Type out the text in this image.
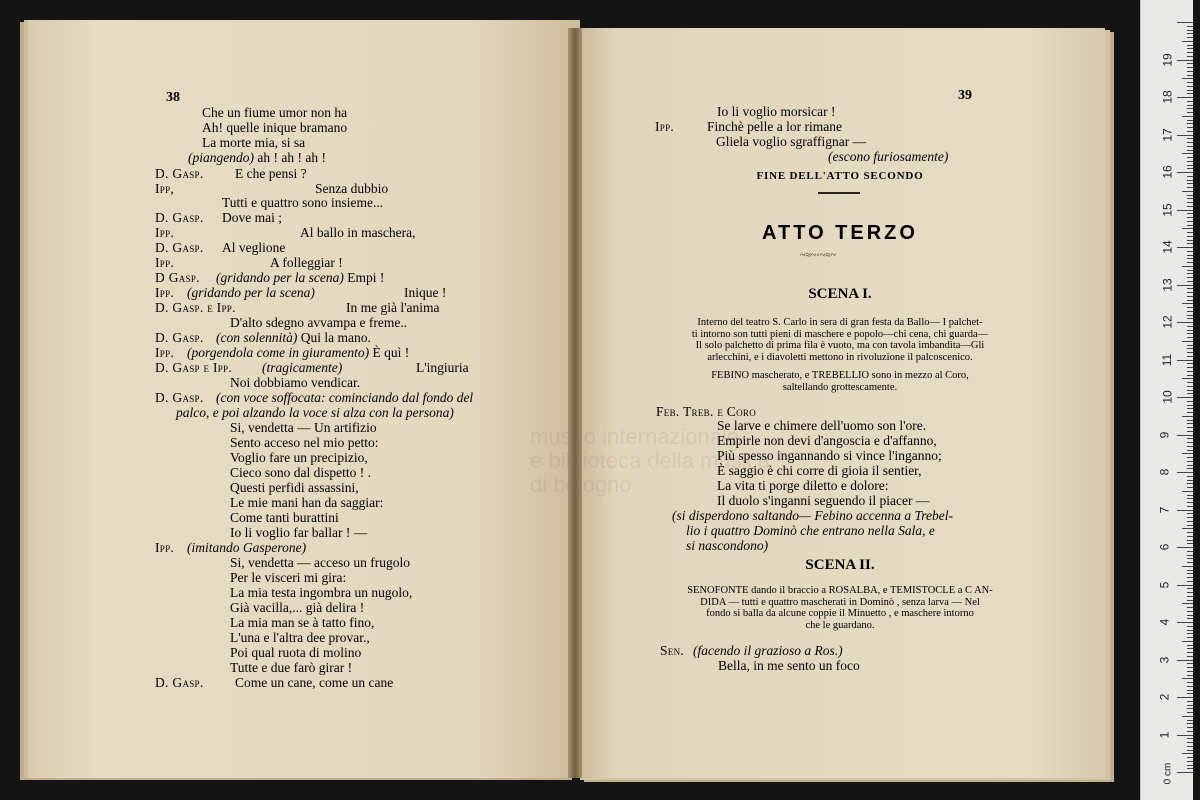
museo internazionale
e biblioteca della musica
di bologno
38
Che un fiume umor non ha
Ah! quelle inique bramano
La morte mia, si sa
(piangendo) ah ! ah ! ah !
D. Gasp. E che pensi ?
Ipp,	Senza dubbio
Tutti e quattro sono insieme...
D. Gasp. Dove mai ;
Ipp.	Al ballo in maschera,
D. Gasp. Al veglione
Ipp.	A folleggiar !
D Gasp. (gridando per la scena) Empi !
Ipp. (gridando per la scena)	Inique !
D. Gasp. e Ipp.	In me già l'anima
D'alto sdegno avvampa e freme..
D. Gasp. (con solennità) Qui la mano.
Ipp. (porgendola come in giuramento) È quì !
D. Gasp e Ipp. (tragicamente)	L'ingiuria
Noi dobbiamo vendicar.
D. Gasp. (con voce soffocata: cominciando dal fondo del
palco, e poi alzando la voce si alza con la persona)
Si, vendetta — Un artifizio
Sento acceso nel mio petto:
Voglio fare un precipizio,
Cieco sono dal dispetto ! .
Questi perfidi assassini,
Le mie mani han da saggiar:
Come tanti burattini
Io li voglio far ballar ! —
Ipp. (imitando Gasperone)
Si, vendetta — acceso un frugolo
Per le visceri mi gira:
La mia testa ingombra un nugolo,
Già vacilla,... già delira !
La mia man se à tatto fino,
L'una e l'altra dee provar.,
Poi qual ruota di molino
Tutte e due farò girar !
D. Gasp. Come un cane, come un cane
39
Io li voglio morsicar !
Ipp. Finchè pelle a lor rimane
Gliela voglio sgraffignar —
(escono furiosamente)
FINE DELL'ATTO SECONDO
ATTO TERZO
~≈~◦~≈~
SCENA I.
Interno del teatro S. Carlo in sera di gran festa da Ballo— I palchet-
ti intorno son tutti pieni di maschere e popolo—chi cena, chi guarda—
Il solo palchetto di prima fila è vuoto, ma con tavola imbandita—Gli
arlecchini, e i diavoletti mettono in rivoluzione il palcoscenico.
FEBINO mascherato, e TREBELLIO sono in mezzo al Coro,
saltellando grottescamente.
Feb. Treb. e Coro
Se larve e chimere dell'uomo son l'ore.
Empirle non devi d'angoscia e d'affanno,
Più spesso ingannando si vince l'inganno;
È saggio è chi corre di gioia il sentier,
La vita ti porge diletto e dolore:
Il duolo s'inganni seguendo il piacer —
(si disperdono saltando— Febino accenna a Trebel-
lio i quattro Dominò che entrano nella Sala, e
si nascondono)
SCENA II.
SENOFONTE dando il braccio a ROSALBA, e TEMISTOCLE a C AN-
DIDA — tutti e quattro mascherati in Dominò , senza larva — Nel
fondo si balla da alcune coppie il Minuetto , e maschere intorno
che le guardano.
Sen. (facendo il grazioso a Ros.)
Bella, in me sento un foco
1
2
3
4
5
6
7
8
9
10
11
12
13
14
15
16
17
18
19
0 cm
